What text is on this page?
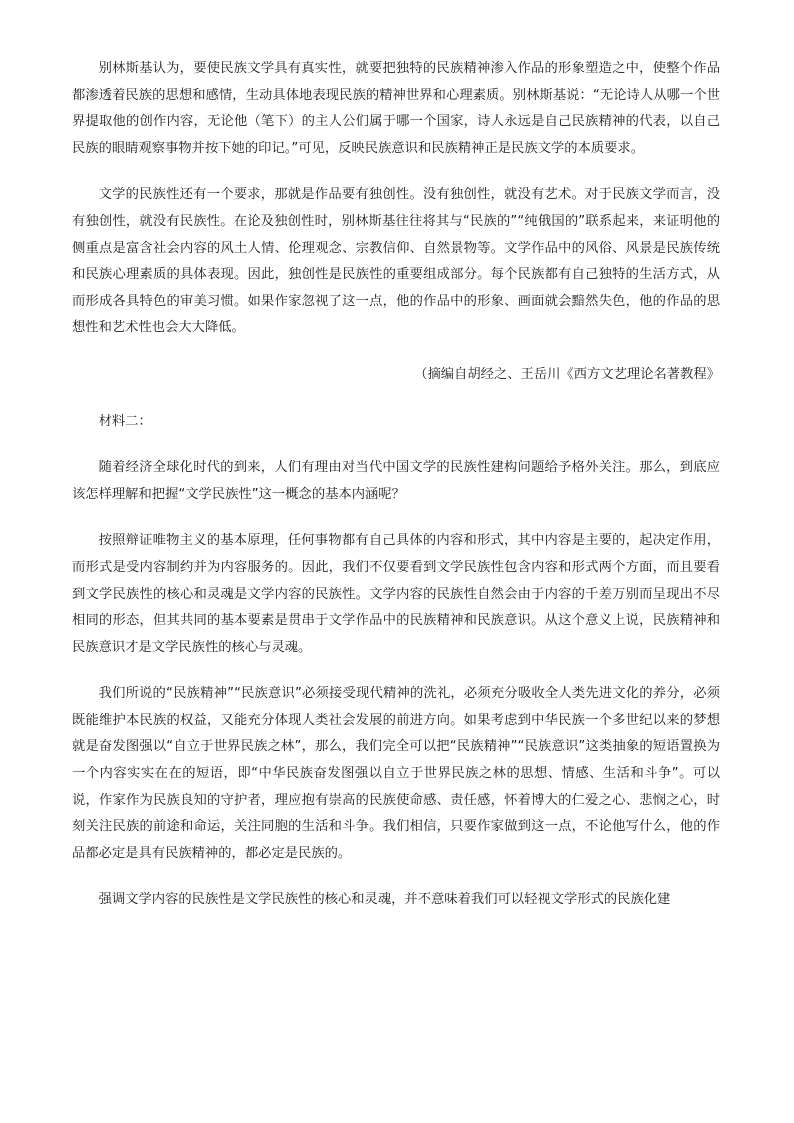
别林斯基认为，要使民族文学具有真实性，就要把独特的民族精神渗入作品的形象塑造之中，使整个作品都渗透着民族的思想和感情，生动具体地表现民族的精神世界和心理素质。别林斯基说：“无论诗人从哪一个世界提取他的创作内容，无论他（笔下）的主人公们属于哪一个国家，诗人永远是自己民族精神的代表，以自己民族的眼睛观察事物并按下她的印记。”可见，反映民族意识和民族精神正是民族文学的本质要求。

文学的民族性还有一个要求，那就是作品要有独创性。没有独创性，就没有艺术。对于民族文学而言，没有独创性，就没有民族性。在论及独创性时，别林斯基往往将其与“民族的”“纯俄国的”联系起来，来证明他的侧重点是富含社会内容的风土人情、伦理观念、宗教信仰、自然景物等。文学作品中的风俗、风景是民族传统和民族心理素质的具体表现。因此，独创性是民族性的重要组成部分。每个民族都有自己独特的生活方式，从而形成各具特色的审美习惯。如果作家忽视了这一点，他的作品中的形象、画面就会黯然失色，他的作品的思想性和艺术性也会大大降低。

（摘编自胡经之、王岳川《西方文艺理论名著教程》

材料二：

随着经济全球化时代的到来，人们有理由对当代中国文学的民族性建构问题给予格外关注。那么，到底应该怎样理解和把握“文学民族性”这一概念的基本内涵呢？

按照辩证唯物主义的基本原理，任何事物都有自己具体的内容和形式，其中内容是主要的，起决定作用，而形式是受内容制约并为内容服务的。因此，我们不仅要看到文学民族性包含内容和形式两个方面，而且要看到文学民族性的核心和灵魂是文学内容的民族性。文学内容的民族性自然会由于内容的千差万别而呈现出不尽相同的形态，但其共同的基本要素是贯串于文学作品中的民族精神和民族意识。从这个意义上说，民族精神和民族意识才是文学民族性的核心与灵魂。

我们所说的“民族精神”“民族意识”必须接受现代精神的洗礼，必须充分吸收全人类先进文化的养分，必须既能维护本民族的权益，又能充分体现人类社会发展的前进方向。如果考虑到中华民族一个多世纪以来的梦想就是奋发图强以“自立于世界民族之林”，那么，我们完全可以把“民族精神”“民族意识”这类抽象的短语置换为一个内容实实在在的短语，即“中华民族奋发图强以自立于世界民族之林的思想、情感、生活和斗争”。可以说，作家作为民族良知的守护者，理应抱有崇高的民族使命感、责任感，怀着博大的仁爱之心、悲悯之心，时刻关注民族的前途和命运，关注同胞的生活和斗争。我们相信，只要作家做到这一点，不论他写什么，他的作品都必定是具有民族精神的，都必定是民族的。

强调文学内容的民族性是文学民族性的核心和灵魂，并不意味着我们可以轻视文学形式的民族化建
